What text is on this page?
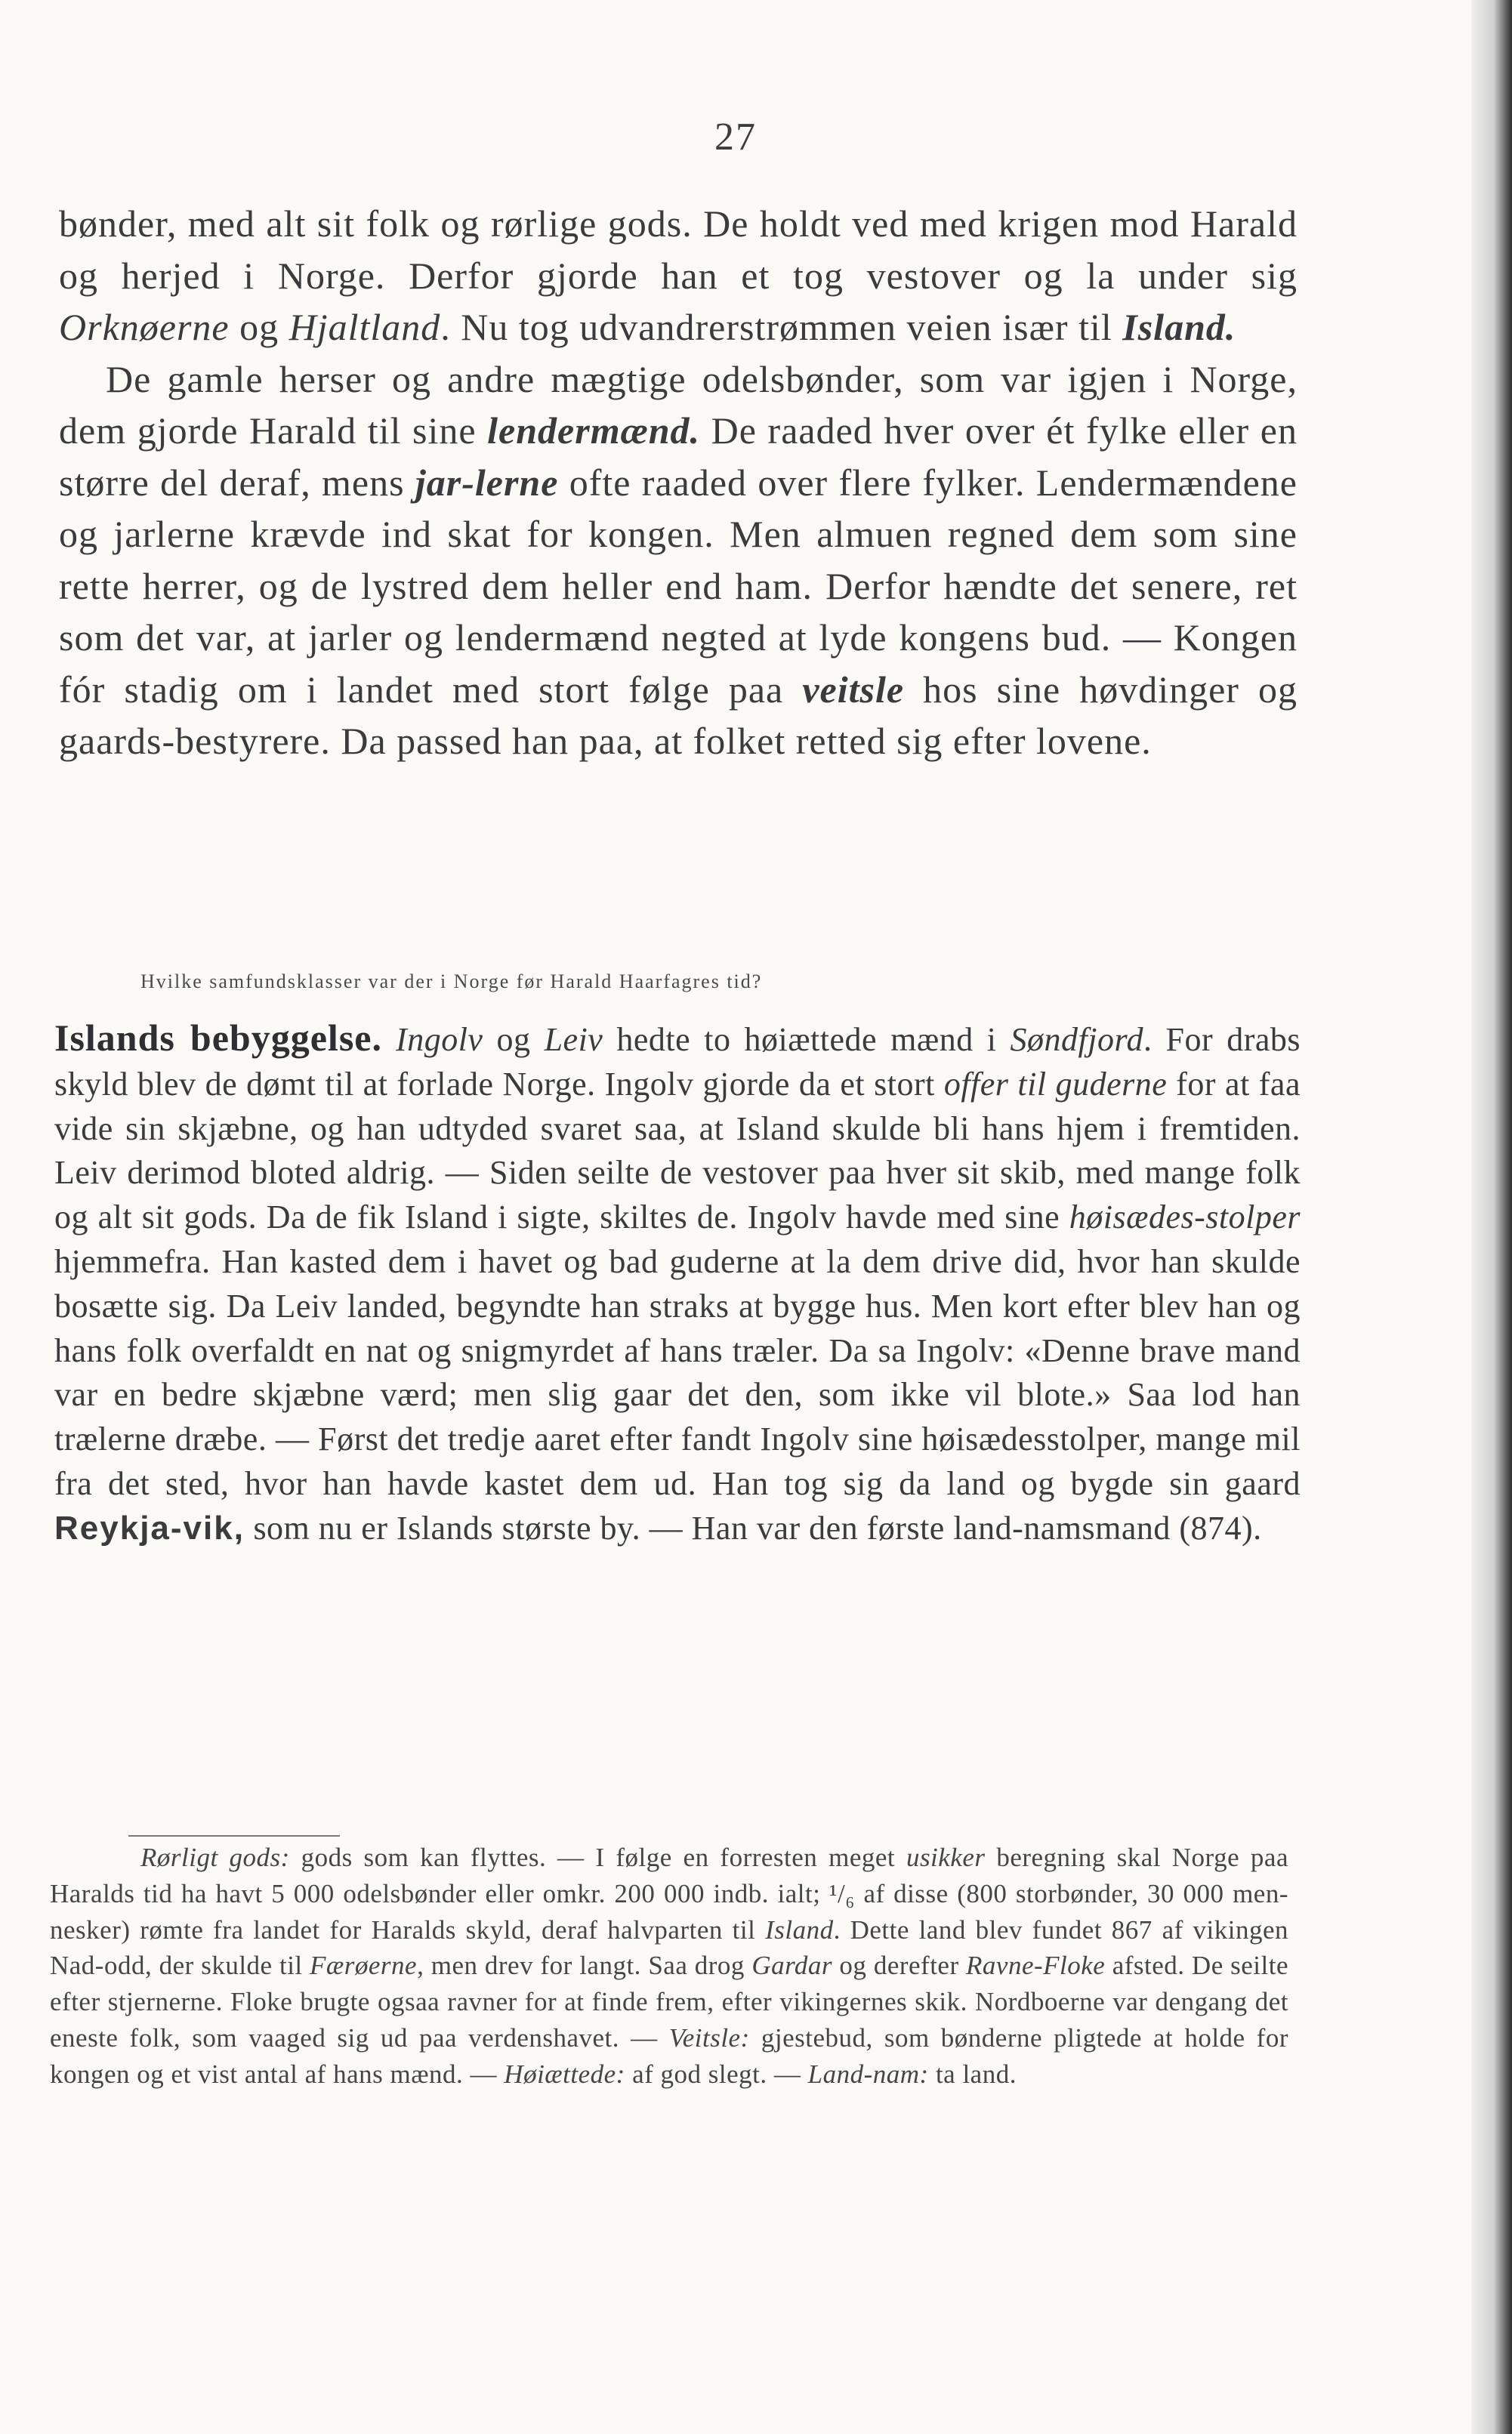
27

bønder, med alt sit folk og rørlige gods. De holdt ved med krigen mod Harald og herjed i Norge. Derfor gjorde han et tog vestover og la under sig Orknøerne og Hjaltland. Nu tog udvandrerstrømmen veien især til Island.

De gamle herser og andre mægtige odelsbønder, som var igjen i Norge, dem gjorde Harald til sine lendermænd. De raaded hver over ét fylke eller en større del deraf, mens jar-lerne ofte raaded over flere fylker. Lendermændene og jarlerne krævde ind skat for kongen. Men almuen regned dem som sine rette herrer, og de lystred dem heller end ham. Derfor hændte det senere, ret som det var, at jarler og lendermænd negted at lyde kongens bud. — Kongen fór stadig om i landet med stort følge paa veitsle hos sine høvdinger og gaards-bestyrere. Da passed han paa, at folket retted sig efter lovene.

Hvilke samfundsklasser var der i Norge før Harald Haarfagres tid?

Islands bebyggelse. Ingolv og Leiv hedte to høiættede mænd i Søndfjord. For drabs skyld blev de dømt til at forlade Norge. Ingolv gjorde da et stort offer til guderne for at faa vide sin skjæbne, og han udtyded svaret saa, at Island skulde bli hans hjem i fremtiden. Leiv derimod bloted aldrig. — Siden seilte de vestover paa hver sit skib, med mange folk og alt sit gods. Da de fik Island i sigte, skiltes de. Ingolv havde med sine høisædes-stolper hjemmefra. Han kasted dem i havet og bad guderne at la dem drive did, hvor han skulde bosætte sig. Da Leiv landed, begyndte han straks at bygge hus. Men kort efter blev han og hans folk overfaldt en nat og snigmyrdet af hans træler. Da sa Ingolv: «Denne brave mand var en bedre skjæbne værd; men slig gaar det den, som ikke vil blote.» Saa lod han trælerne dræbe. — Først det tredje aaret efter fandt Ingolv sine høisædesstolper, mange mil fra det sted, hvor han havde kastet dem ud. Han tog sig da land og bygde sin gaard Reykja-vik, som nu er Islands største by. — Han var den første land-namsmand (874).

Rørligt gods: gods som kan flyttes. — I følge en forresten meget usikker beregning skal Norge paa Haralds tid ha havt 5 000 odelsbønder eller omkr. 200 000 indb. ialt; ¹/₆ af disse (800 storbønder, 30 000 men-nesker) rømte fra landet for Haralds skyld, deraf halvparten til Island. Dette land blev fundet 867 af vikingen Nad-odd, der skulde til Færøerne, men drev for langt. Saa drog Gardar og derefter Ravne-Floke afsted. De seilte efter stjernerne. Floke brugte ogsaa ravner for at finde frem, efter vikingernes skik. Nordboerne var dengang det eneste folk, som vaaged sig ud paa verdenshavet. — Veitsle: gjestebud, som bønderne pligtede at holde for kongen og et vist antal af hans mænd. — Høiættede: af god slegt. — Land-nam: ta land.
